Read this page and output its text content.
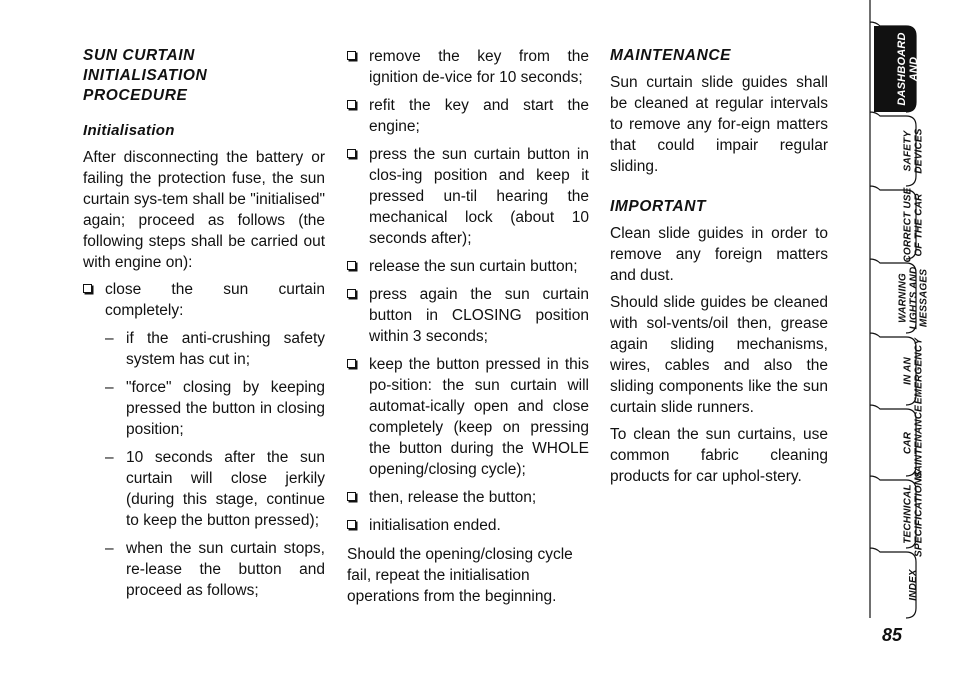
SUN CURTAIN
INITIALISATION
PROCEDURE
Initialisation

After disconnecting the battery or failing the protection fuse, the sun curtain sys-tem shall be "initialised" again; proceed as follows (the following steps shall be carried out with engine on):

close the sun curtain completely:
– if the anti-crushing safety system has cut in;
– "force" closing by keeping pressed the button in closing position;
– 10 seconds after the sun curtain will close jerkily (during this stage, continue to keep the button pressed);
– when the sun curtain stops, re-lease the button and proceed as follows;
remove the key from the ignition de-vice for 10 seconds;
refit the key and start the engine;
press the sun curtain button in clos-ing position and keep it pressed un-til hearing the mechanical lock (about 10 seconds after);
release the sun curtain button;
press again the sun curtain button in CLOSING position within 3 seconds;
keep the button pressed in this po-sition: the sun curtain will automat-ically open and close completely (keep on pressing the button during the WHOLE opening/closing cycle);
then, release the button;
initialisation ended.

Should the opening/closing cycle fail, repeat the initialisation operations from the beginning.

MAINTENANCE

Sun curtain slide guides shall be cleaned at regular intervals to remove any for-eign matters that could impair regular sliding.

IMPORTANT

Clean slide guides in order to remove any foreign matters and dust.

Should slide guides be cleaned with sol-vents/oil then, grease again sliding mechanisms, wires, cables and also the sliding components like the sun curtain slide runners.

To clean the sun curtains, use common fabric cleaning products for car uphol-stery.

DASHBOARD
AND
CONTROLS
SAFETY
DEVICES
CORRECT USE
OF THE CAR
WARNING
LIGHTS AND
MESSAGES
IN AN
EMERGENCY
CAR
MAINTENANCE
TECHNICAL
SPECIFICATIONS
INDEX
85
